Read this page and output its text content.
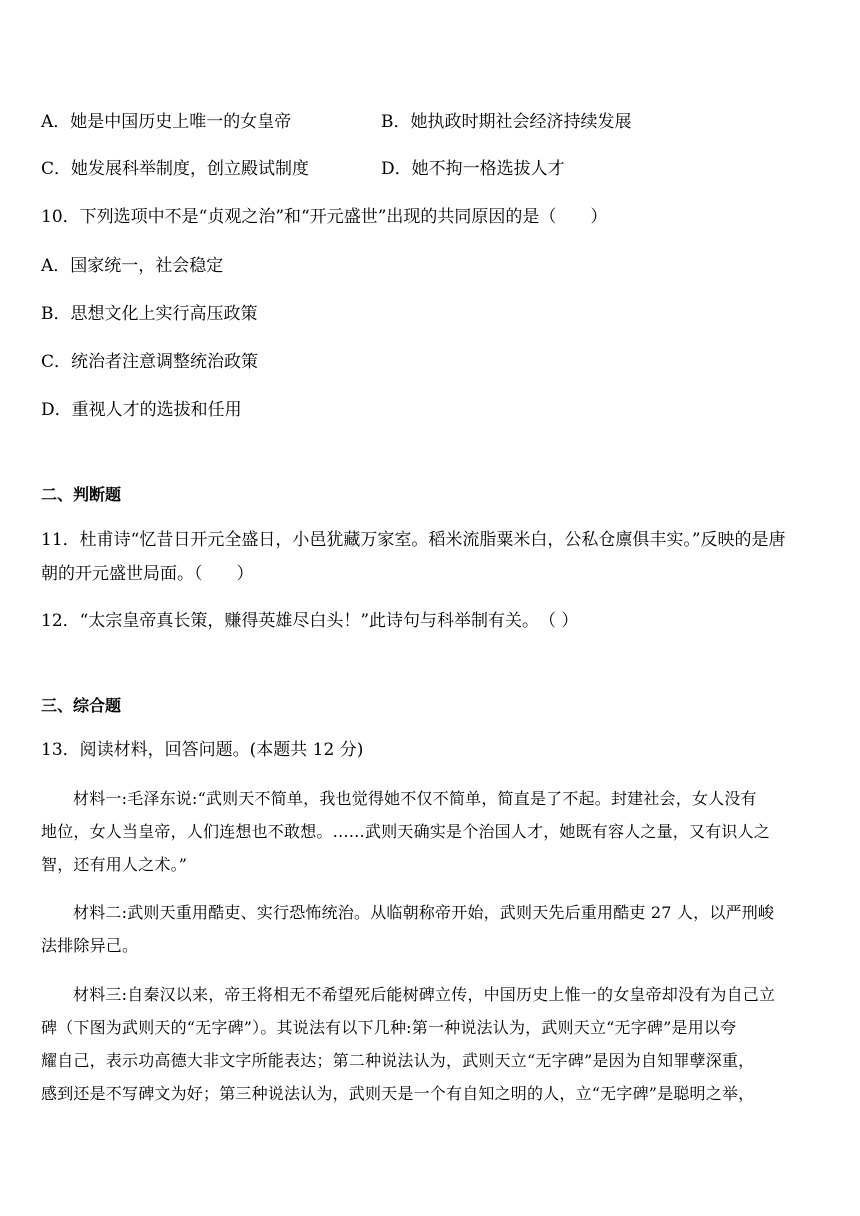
A．她是中国历史上唯一的女皇帝	B．她执政时期社会经济持续发展
C．她发展科举制度，创立殿试制度	D．她不拘一格选拔人才
10．下列选项中不是“贞观之治”和“开元盛世”出现的共同原因的是（　　）
A．国家统一，社会稳定
B．思想文化上实行高压政策
C．统治者注意调整统治政策
D．重视人才的选拔和任用
二、判断题
11．杜甫诗“忆昔日开元全盛日，小邑犹藏万家室。稻米流脂粟米白，公私仓廪俱丰实。”反映的是唐
朝的开元盛世局面。（　　）
12．“太宗皇帝真长策，赚得英雄尽白头！”此诗句与科举制有关。　（ ）
三、综合题
13．阅读材料，回答问题。(本题共 12 分)
材料一:毛泽东说:“武则天不简单，我也觉得她不仅不简单，简直是了不起。封建社会，女人没有
地位，女人当皇帝，人们连想也不敢想。……武则天确实是个治国人才，她既有容人之量，又有识人之
智，还有用人之术。”
材料二:武则天重用酷吏、实行恐怖统治。从临朝称帝开始，武则天先后重用酷吏 27 人，以严刑峻
法排除异己。
材料三:自秦汉以来，帝王将相无不希望死后能树碑立传，中国历史上惟一的女皇帝却没有为自己立
碑（下图为武则天的“无字碑”）。其说法有以下几种:第一种说法认为，武则天立“无字碑”是用以夸
耀自己，表示功高德大非文字所能表达；第二种说法认为，武则天立“无字碑”是因为自知罪孽深重，
感到还是不写碑文为好；第三种说法认为，武则天是一个有自知之明的人，立“无字碑”是聪明之举，
